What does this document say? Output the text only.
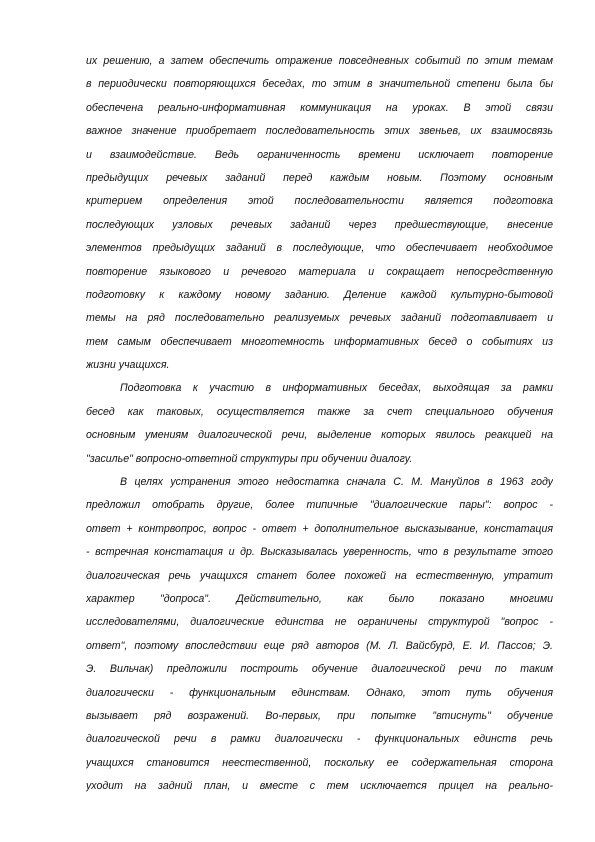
их решению, а затем обеспечить отражение повседневных событий по этим темам
в периодически повторяющихся беседах, то этим в значительной степени была бы
обеспечена реально-информативная коммуникация на уроках. В этой связи
важное значение приобретает последовательность этих звеньев, их взаимосвязь
и взаимодействие. Ведь ограниченность времени исключает повторение
предыдущих речевых заданий перед каждым новым. Поэтому основным
критерием определения этой последовательности является подготовка
последующих узловых речевых заданий через предшествующие, внесение
элементов предыдущих заданий в последующие, что обеспечивает необходимое
повторение языкового и речевого материала и сокращает непосредственную
подготовку к каждому новому заданию. Деление каждой культурно-бытовой
темы на ряд последовательно реализуемых речевых заданий подготавливает и
тем самым обеспечивает многотемность информативных бесед о событиях из
жизни учащихся.
Подготовка к участию в информативных беседах, выходящая за рамки
бесед как таковых, осуществляется также за счет специального обучения
основным умениям диалогической речи, выделение которых явилось реакцией на
"засилье" вопросно-ответной структуры при обучении диалогу.
В целях устранения этого недостатка сначала С. М. Мануйлов в 1963 году
предложил отобрать другие, более типичные "диалогические пары": вопрос -
ответ + контрвопрос, вопрос - ответ + дополнительное высказывание, констатация
- встречная констатация и др. Высказывалась уверенность, что в результате этого
диалогическая речь учащихся станет более похожей на естественную, утратит
характер "допроса". Действительно, как было показано многими
исследователями, диалогические единства не ограничены структурой "вопрос -
ответ", поэтому впоследствии еще ряд авторов (М. Л. Вайсбурд, Е. И. Пассов; Э.
Э. Вильчак) предложили построить обучение диалогической речи по таким
диалогически - функциональным единствам. Однако, этот путь обучения
вызывает ряд возражений. Во-первых, при попытке "втиснуть" обучение
диалогической речи в рамки диалогически - функциональных единств речь
учащихся становится неестественной, поскольку ее содержательная сторона
уходит на задний план, и вместе с тем исключается прицел на реально-
